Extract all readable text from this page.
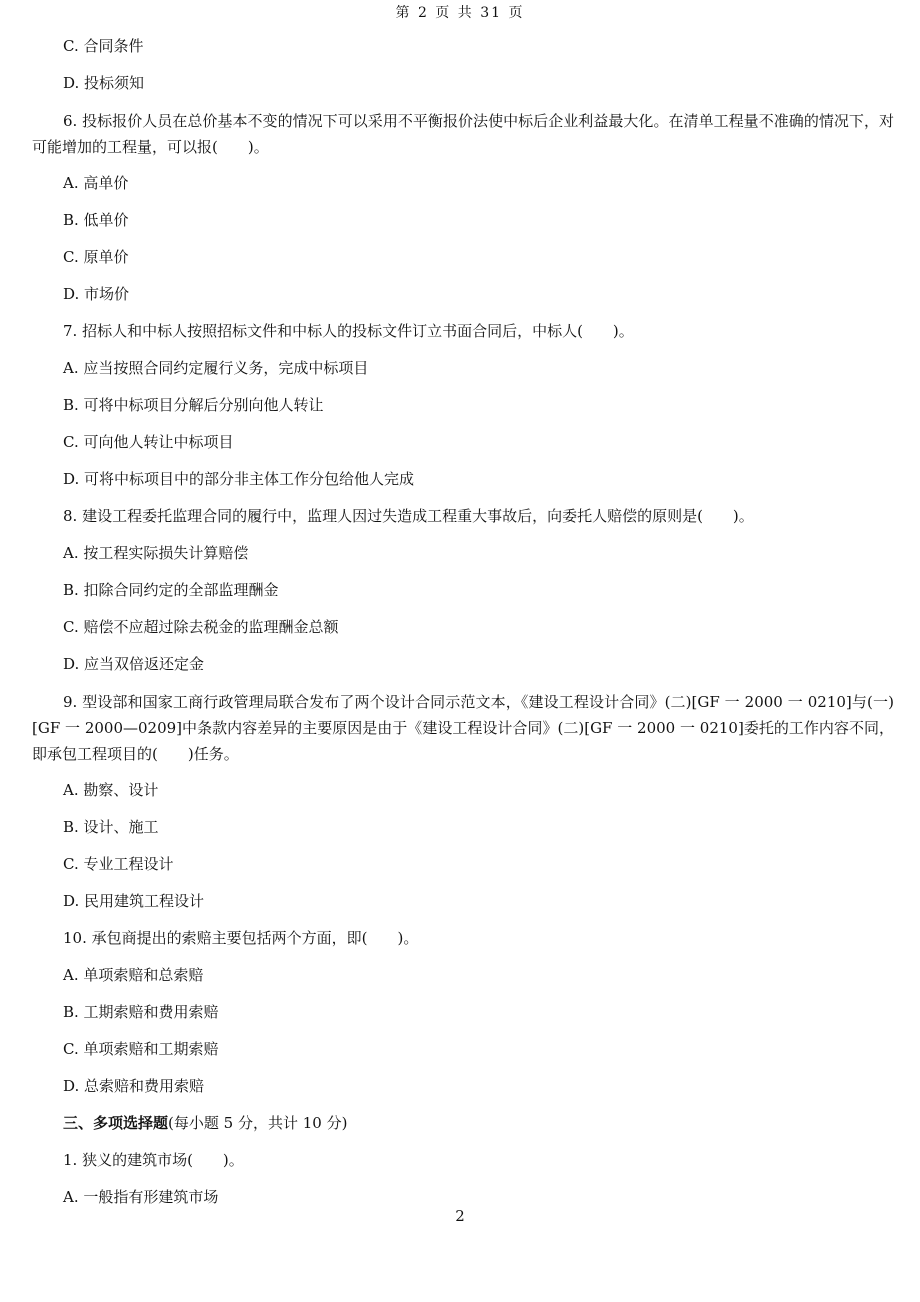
第 2 页 共 31 页

C. 合同条件

D. 投标须知

6. 投标报价人员在总价基本不变的情况下可以采用不平衡报价法使中标后企业利益最大化。在清单工程量不准确的情况下，对可能增加的工程量，可以报(　　)。

A. 高单价

B. 低单价

C. 原单价

D. 市场价

7. 招标人和中标人按照招标文件和中标人的投标文件订立书面合同后，中标人(　　)。

A. 应当按照合同约定履行义务，完成中标项目

B. 可将中标项目分解后分别向他人转让

C. 可向他人转让中标项目

D. 可将中标项目中的部分非主体工作分包给他人完成

8. 建设工程委托监理合同的履行中，监理人因过失造成工程重大事故后，向委托人赔偿的原则是(　　)。

A. 按工程实际损失计算赔偿

B. 扣除合同约定的全部监理酬金

C. 赔偿不应超过除去税金的监理酬金总额

D. 应当双倍返还定金

9. 型设部和国家工商行政管理局联合发布了两个设计合同示范文本，《建设工程设计合同》(二)[GF 一 2000 一 0210]与(一)[GF 一 2000—0209]中条款内容差异的主要原因是由于《建设工程设计合同》(二)[GF 一 2000 一 0210]委托的工作内容不同，即承包工程项目的(　　)任务。

A. 勘察、设计

B. 设计、施工

C. 专业工程设计

D. 民用建筑工程设计

10. 承包商提出的索赔主要包括两个方面，即(　　)。

A. 单项索赔和总索赔

B. 工期索赔和费用索赔

C. 单项索赔和工期索赔

D. 总索赔和费用索赔

三、多项选择题(每小题 5 分，共计 10 分)

1. 狭义的建筑市场(　　)。

A. 一般指有形建筑市场

2
